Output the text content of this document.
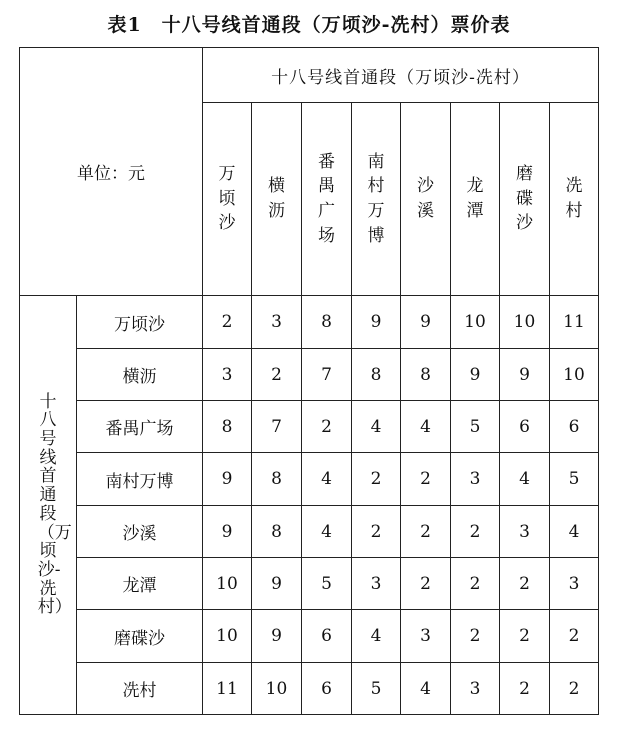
表1 十八号线首通段（万顷沙-冼村）票价表
单位：元		十八号线首通段（万顷沙-冼村）							
		万顷沙	横沥	番禺广场	南村万博	沙溪	龙潭	磨碟沙	冼村
十八号线首通段（万顷沙-冼村）	万顷沙	2	3	8	9	9	10	10	11
	横沥	3	2	7	8	8	9	9	10
	番禺广场	8	7	2	4	4	5	6	6
	南村万博	9	8	4	2	2	3	4	5
	沙溪	9	8	4	2	2	2	3	4
	龙潭	10	9	5	3	2	2	2	3
	磨碟沙	10	9	6	4	3	2	2	2
	冼村	11	10	6	5	4	3	2	2
